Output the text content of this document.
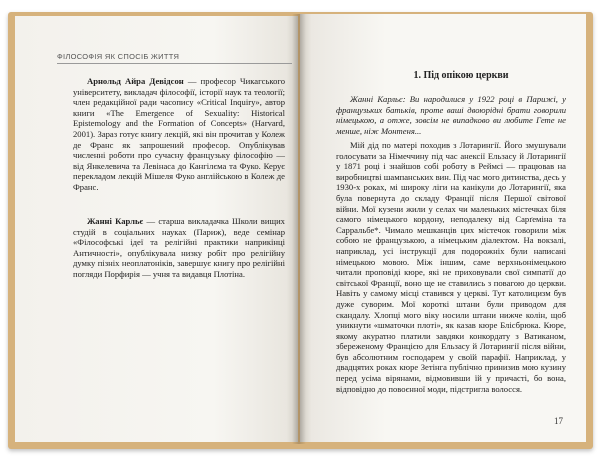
ФІЛОСОФІЯ ЯК СПОСІБ ЖИТТЯ

Арнольд Айра Девідсон — професор Чикагського університету, викладач філософії, історії наук та теології; член редакційної ради часопису «Critical Inquiry», автор книги «The Emergence of Sexuality: Historical Epistemology and the Formation of Concepts» (Harvard, 2001). Зараз готує книгу лекцій, які він прочитав у Колеж де Франс як запрошений професор. Опублікував численні роботи про сучасну французьку філософію — від Янкелевича та Левінаса до Кангілєма та Фуко. Керує перекладом лекцій Мішеля Фуко англійською в Колеж де Франс.

Жанні Карльє — старша викладачка Школи вищих студій в соціальних науках (Париж), веде семінар «Філософські ідеї та релігійні практики наприкінці Античності», опублікувала низку робіт про релігійну думку пізніх неоплатоніків, завершує книгу про релігійні погляди Порфирія — учня та видавця Плотіна.

1. Під опікою церкви

Жанні Карльє: Ви народилися у 1922 році в Парижі, у французьких батьків, проте ваші двоюрідні брати говорили німецькою, а отже, зовсім не випадково ви любите Гете не менше, ніж Монтеня...

Мій дід по матері походив з Лотарингії. Його змушували голосувати за Німеччину під час анексії Ельзасу й Лотарингії у 1871 році і знайшов собі роботу в Реймсі — працював на виробництві шампанських вин. Під час мого дитинства, десь у 1930-х роках, мі широку ліги на канікули до Лотарингії, яка була повернута до складу Франції після Першої світової війни. Мої кузени жили у селах чи маленьких містечках біля самого німецького кордону, неподалеку від Сарґеміна та Сарральбе*. Чимало мешканців цих містечок говорили між собою не французькою, а німецьким діалектом. На вокзалі, наприклад, усі інструкції для подорожніх були написані німецькою мовою. Між іншим, саме верхньонімецькою читали проповіді кюре, які не приховували свої симпатії до світської Франції, воно ще не ставились з повагою до церкви. Навіть у самому місці ставився у церкві. Тут католицизм був дуже суворим. Мої короткі штани були приводом для скандалу. Хлопці мого віку носили штани нижче колін, щоб уникнути «шматочки плоті», як казав кюре Блісбрюка. Кюре, якому акуратно платили завдяки конкордату з Ватиканом, збереженому Францією для Ельзасу й Лотарингії після війни, був абсолютним господарем у своїй парафії. Наприклад, у двадцятих роках кюре Зетінга публічно принизив мою кузину перед усіма вірянами, відмовивши їй у причасті, бо вона, відповідно до повоєнної моди, підстригла волосся.

17
